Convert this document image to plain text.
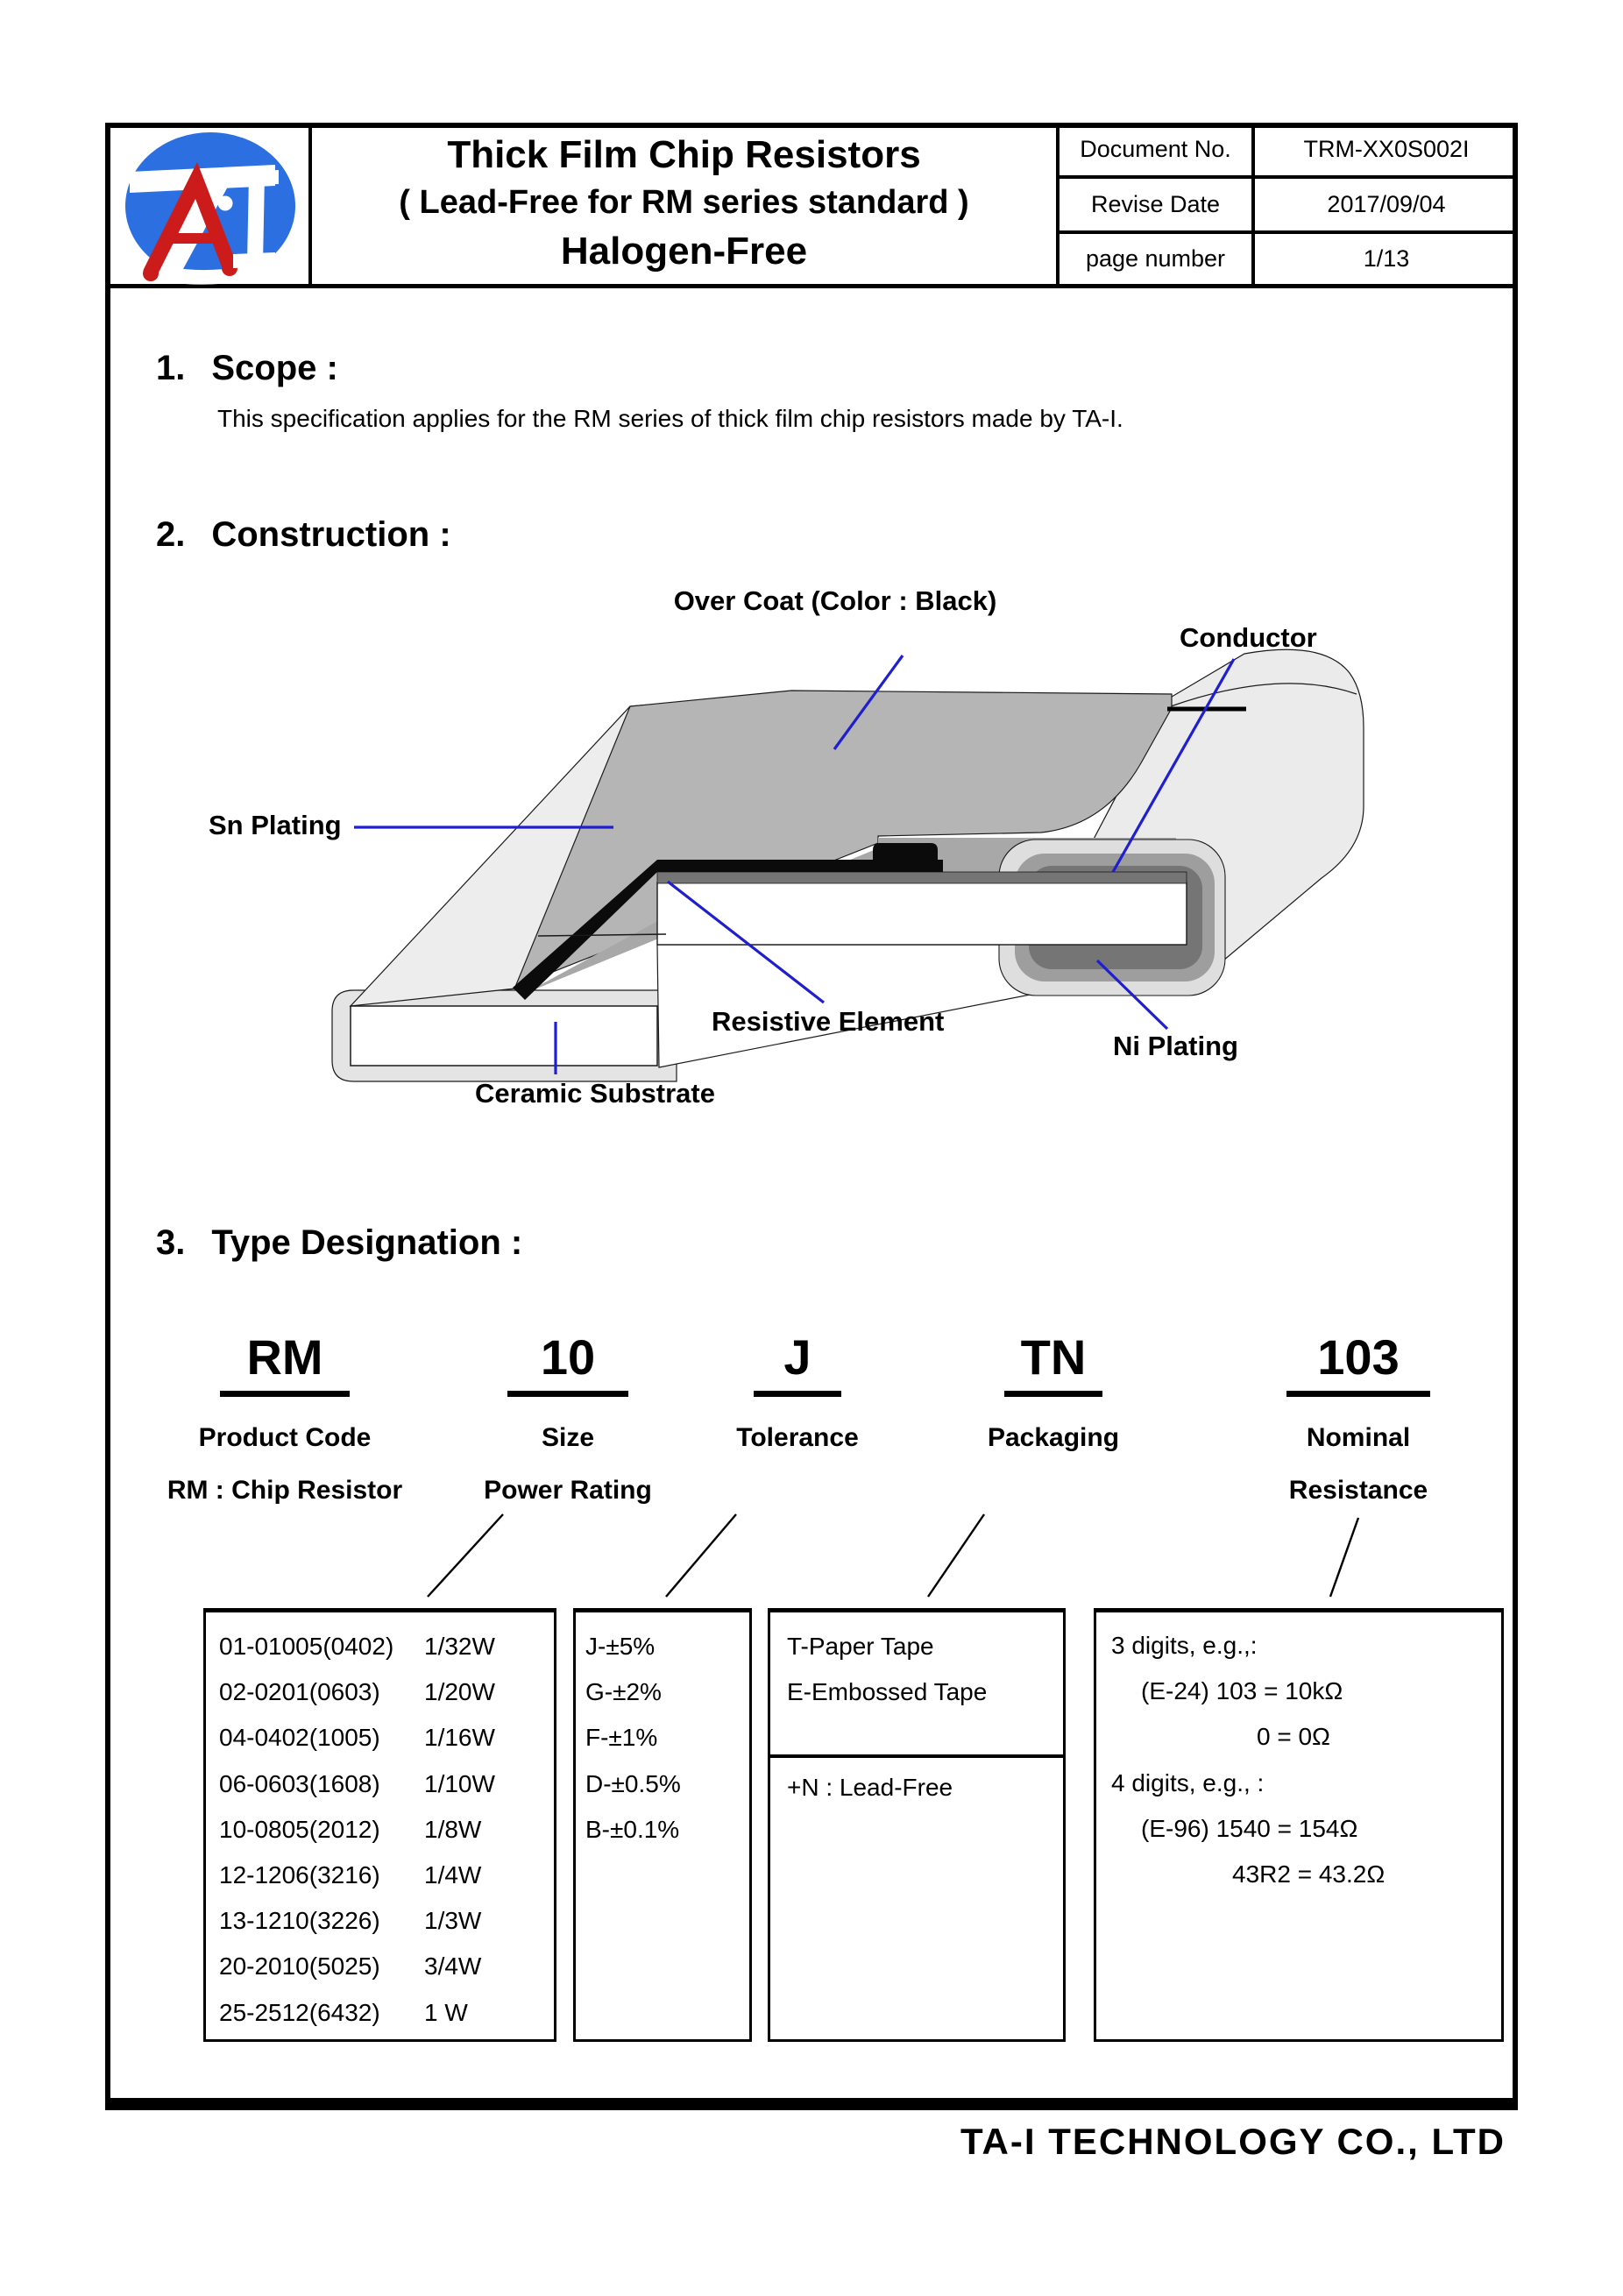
Thick Film Chip Resistors
( Lead-Free for RM series standard )
Halogen-Free
Document No.	TRM-XX0S002I
Revise Date	2017/09/04
page number	1/13
1. Scope :
This specification applies for the RM series of thick film chip resistors made by TA-I.
2. Construction :
Over Coat (Color : Black)
Conductor
Sn Plating
Resistive Element
Ni Plating
Ceramic Substrate
3. Type Designation :
RM
Product Code
RM : Chip Resistor
10
Size
Power Rating
J
Tolerance
TN
Packaging
103
Nominal
Resistance
01-01005(0402)	1/32W
02-0201(0603)	1/20W
04-0402(1005)	1/16W
06-0603(1608)	1/10W
10-0805(2012)	1/8W
12-1206(3216)	1/4W
13-1210(3226)	1/3W
20-2010(5025)	3/4W
25-2512(6432)	1 W
J-±5%
G-±2%
F-±1%
D-±0.5%
B-±0.1%
T-Paper Tape
E-Embossed Tape
+N : Lead-Free
3 digits, e.g.,:
(E-24) 103 = 10kΩ
0 = 0Ω
4 digits, e.g., :
(E-96) 1540 = 154Ω
43R2 = 43.2Ω
TA-I TECHNOLOGY CO., LTD
